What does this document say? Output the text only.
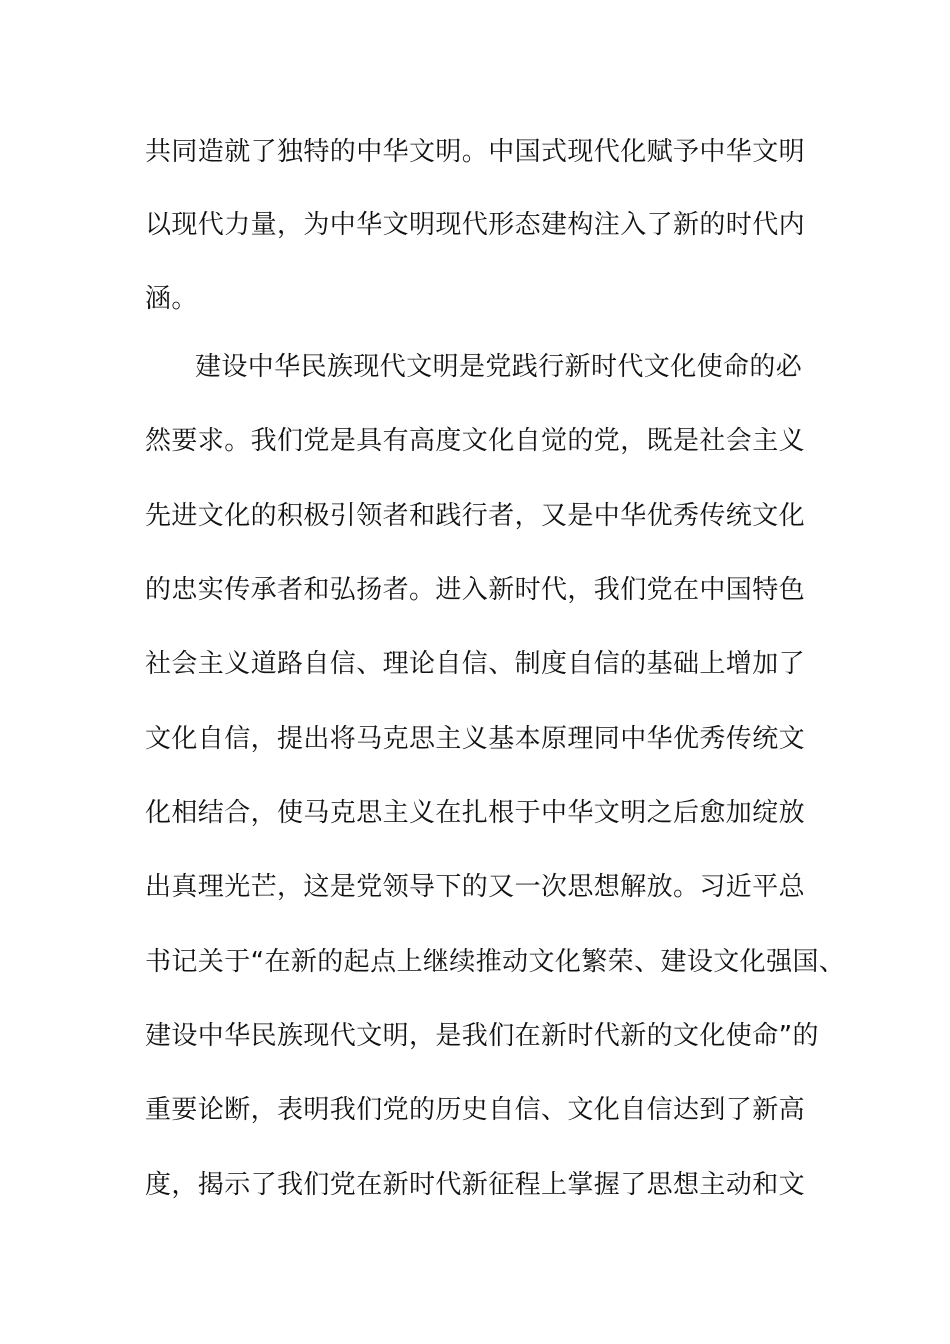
共同造就了独特的中华文明。中国式现代化赋予中华文明

以现代力量，为中华文明现代形态建构注入了新的时代内

涵。

建设中华民族现代文明是党践行新时代文化使命的必

然要求。我们党是具有高度文化自觉的党，既是社会主义

先进文化的积极引领者和践行者，又是中华优秀传统文化

的忠实传承者和弘扬者。进入新时代，我们党在中国特色

社会主义道路自信、理论自信、制度自信的基础上增加了

文化自信，提出将马克思主义基本原理同中华优秀传统文

化相结合，使马克思主义在扎根于中华文明之后愈加绽放

出真理光芒，这是党领导下的又一次思想解放。习近平总

书记关于“在新的起点上继续推动文化繁荣、建设文化强国、

建设中华民族现代文明，是我们在新时代新的文化使命”的

重要论断，表明我们党的历史自信、文化自信达到了新高

度，揭示了我们党在新时代新征程上掌握了思想主动和文
